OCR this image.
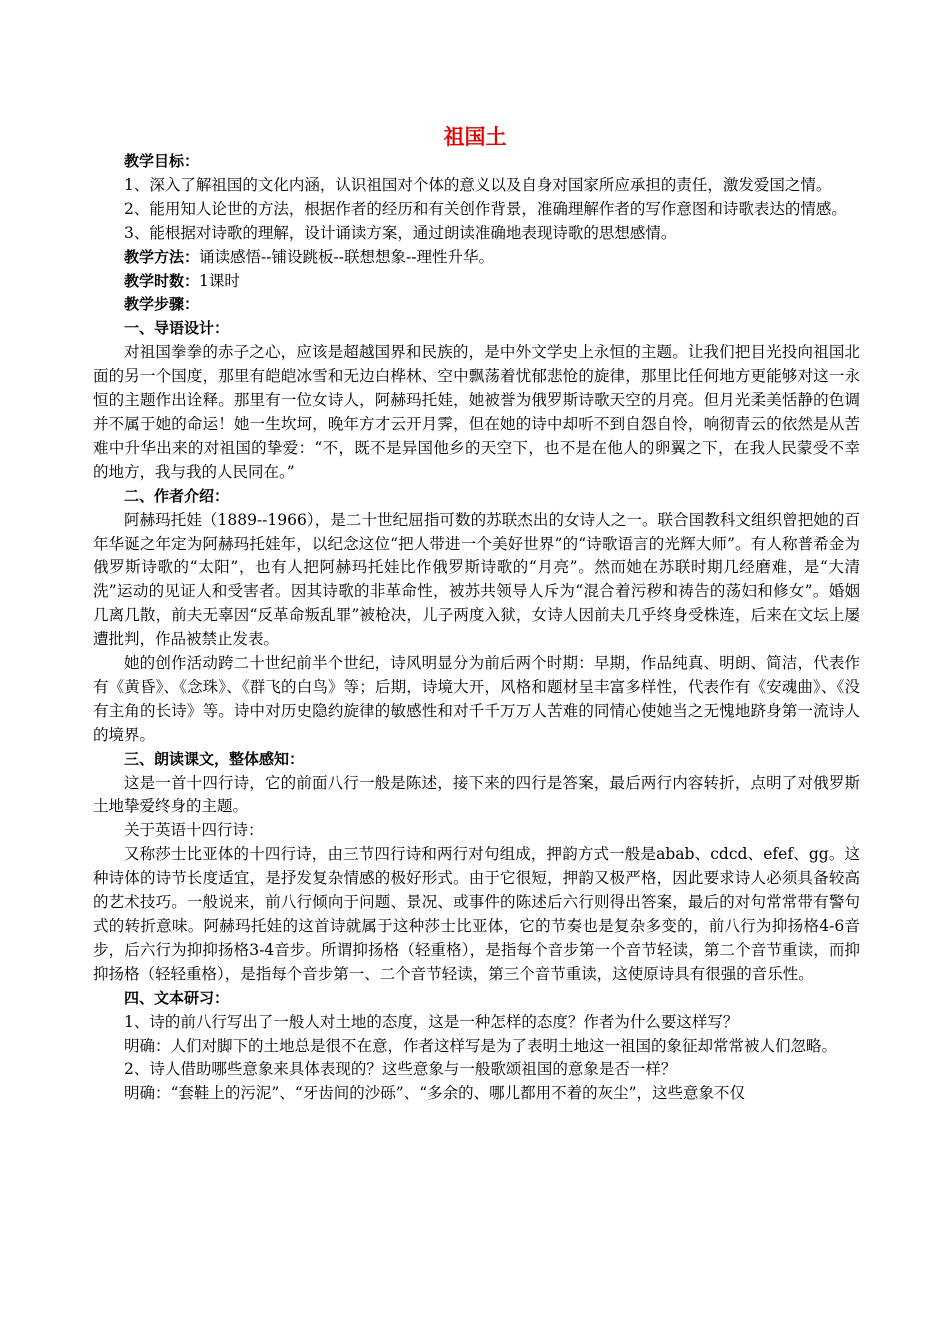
祖国土

教学目标：

1、深入了解祖国的文化内涵，认识祖国对个体的意义以及自身对国家所应承担的责任，激发爱国之情。

2、能用知人论世的方法，根据作者的经历和有关创作背景，准确理解作者的写作意图和诗歌表达的情感。

3、能根据对诗歌的理解，设计诵读方案，通过朗读准确地表现诗歌的思想感情。

教学方法：诵读感悟--铺设跳板--联想想象--理性升华。

教学时数：1课时

教学步骤：

一、导语设计：

对祖国拳拳的赤子之心，应该是超越国界和民族的，是中外文学史上永恒的主题。让我们把目光投向祖国北面的另一个国度，那里有皑皑冰雪和无边白桦林、空中飘荡着忧郁悲怆的旋律，那里比任何地方更能够对这一永恒的主题作出诠释。那里有一位女诗人，阿赫玛托娃，她被誉为俄罗斯诗歌天空的月亮。但月光柔美恬静的色调并不属于她的命运！她一生坎坷，晚年方才云开月霁，但在她的诗中却听不到自怨自怜，响彻青云的依然是从苦难中升华出来的对祖国的挚爱：“不，既不是异国他乡的天空下，也不是在他人的卵翼之下，在我人民蒙受不幸的地方，我与我的人民同在。”

二、作者介绍：

阿赫玛托娃（1889--1966），是二十世纪屈指可数的苏联杰出的女诗人之一。联合国教科文组织曾把她的百年华诞之年定为阿赫玛托娃年，以纪念这位“把人带进一个美好世界”的“诗歌语言的光辉大师”。有人称普希金为俄罗斯诗歌的“太阳”，也有人把阿赫玛托娃比作俄罗斯诗歌的“月亮”。然而她在苏联时期几经磨难，是“大清洗”运动的见证人和受害者。因其诗歌的非革命性，被苏共领导人斥为“混合着污秽和祷告的荡妇和修女”。婚姻几离几散，前夫无辜因“反革命叛乱罪”被枪决，儿子两度入狱，女诗人因前夫几乎终身受株连，后来在文坛上屡遭批判，作品被禁止发表。

她的创作活动跨二十世纪前半个世纪，诗风明显分为前后两个时期：早期，作品纯真、明朗、简洁，代表作有《黄昏》、《念珠》、《群飞的白鸟》等；后期，诗境大开，风格和题材呈丰富多样性，代表作有《安魂曲》、《没有主角的长诗》等。诗中对历史隐约旋律的敏感性和对千千万万人苦难的同情心使她当之无愧地跻身第一流诗人的境界。

三、朗读课文，整体感知：

这是一首十四行诗，它的前面八行一般是陈述，接下来的四行是答案，最后两行内容转折，点明了对俄罗斯土地挚爱终身的主题。

关于英语十四行诗：

又称莎士比亚体的十四行诗，由三节四行诗和两行对句组成，押韵方式一般是abab、cdcd、efef、gg。这种诗体的诗节长度适宜，是抒发复杂情感的极好形式。由于它很短，押韵又极严格，因此要求诗人必须具备较高的艺术技巧。一般说来，前八行倾向于问题、景况、或事件的陈述后六行则得出答案，最后的对句常常带有警句式的转折意味。阿赫玛托娃的这首诗就属于这种莎士比亚体，它的节奏也是复杂多变的，前八行为抑扬格4-6音步，后六行为抑抑扬格3-4音步。所谓抑扬格（轻重格），是指每个音步第一个音节轻读，第二个音节重读，而抑抑扬格（轻轻重格），是指每个音步第一、二个音节轻读，第三个音节重读，这使原诗具有很强的音乐性。

四、文本研习：

1、诗的前八行写出了一般人对土地的态度，这是一种怎样的态度？作者为什么要这样写？

明确：人们对脚下的土地总是很不在意，作者这样写是为了表明土地这一祖国的象征却常常被人们忽略。

2、诗人借助哪些意象来具体表现的？这些意象与一般歌颂祖国的意象是否一样？

明确：“套鞋上的污泥”、“牙齿间的沙砾”、“多余的、哪儿都用不着的灰尘”，这些意象不仅
